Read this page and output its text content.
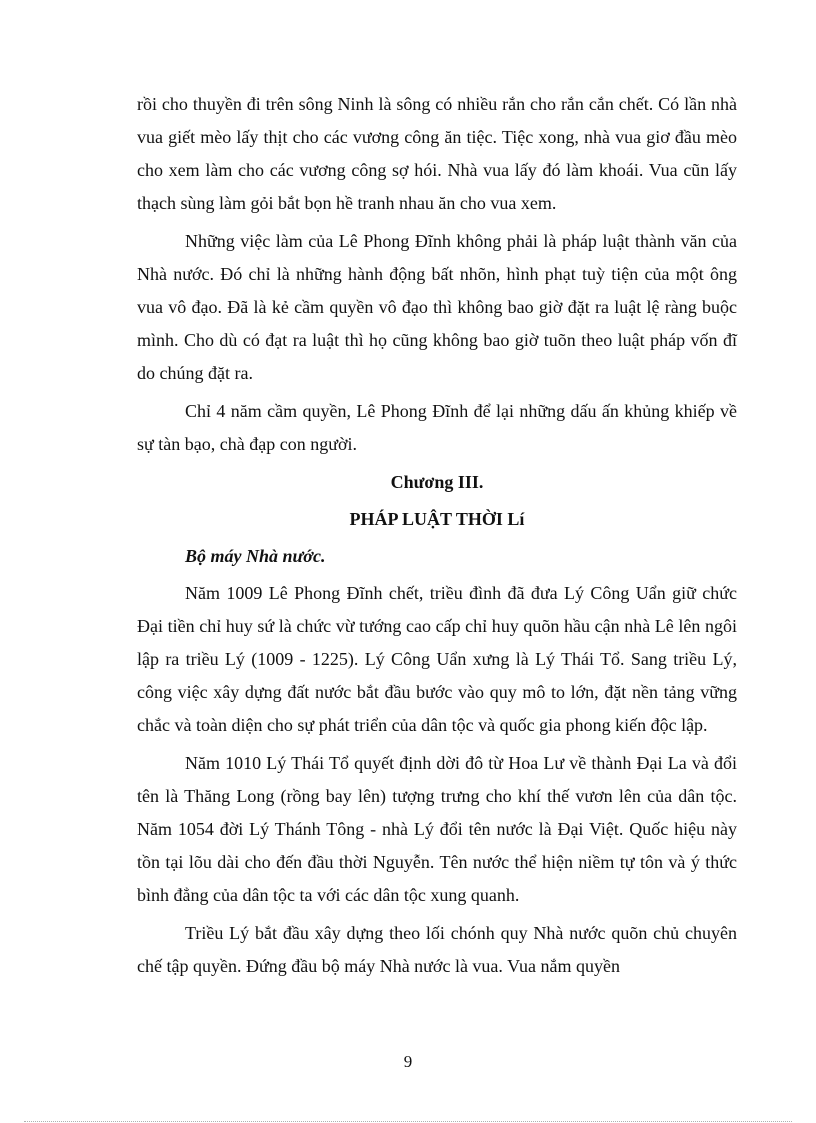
rồi cho thuyền đi trên sông Ninh là sông có nhiều rắn cho rắn cắn chết. Có lần nhà vua giết mèo lấy thịt cho các vương công ăn tiệc. Tiệc xong, nhà vua giơ đầu mèo cho xem làm cho các vương công sợ hói. Nhà vua lấy đó làm khoái. Vua cũn lấy thạch sùng làm gỏi bắt bọn hề tranh nhau ăn cho vua xem.

Những việc làm của Lê Phong Đĩnh không phải là pháp luật thành văn của Nhà nước. Đó chỉ là những hành động bất nhõn, hình phạt tuỳ tiện của một ông vua vô đạo. Đã là kẻ cầm quyền vô đạo thì không bao giờ đặt ra luật lệ ràng buộc mình. Cho dù có đạt ra luật thì họ cũng không bao giờ tuõn theo luật pháp vốn đĩ do chúng đặt ra.

Chỉ 4 năm cầm quyền, Lê Phong Đĩnh để lại những dấu ấn khủng khiếp về sự tàn bạo, chà đạp con người.

Chương III.
PHÁP LUẬT THỜI Lí
Bộ máy Nhà nước.

Năm 1009 Lê Phong Đĩnh chết, triều đình đã đưa Lý Công Uẩn giữ chức Đại tiền chỉ huy sứ là chức vừ tướng cao cấp chỉ huy quõn hầu cận nhà Lê lên ngôi lập ra triều Lý (1009 - 1225). Lý Công Uẩn xưng là Lý Thái Tổ. Sang triều Lý, công việc xây dựng đất nước bắt đầu bước vào quy mô to lớn, đặt nền tảng vững chắc và toàn diện cho sự phát triển của dân tộc và quốc gia phong kiến độc lập.

Năm 1010 Lý Thái Tổ quyết định dời đô từ Hoa Lư về thành Đại La và đổi tên là Thăng Long (rồng bay lên) tượng trưng cho khí thế vươn lên của dân tộc. Năm 1054 đời Lý Thánh Tông - nhà Lý đổi tên nước là Đại Việt. Quốc hiệu này tồn tại lõu dài cho đến đầu thời Nguyễn. Tên nước thể hiện niềm tự tôn và ý thức bình đẳng của dân tộc ta với các dân tộc xung quanh.

Triều Lý bắt đầu xây dựng theo lối chónh quy Nhà nước quõn chủ chuyên chế tập quyền. Đứng đầu bộ máy Nhà nước là vua. Vua nắm quyền

9
